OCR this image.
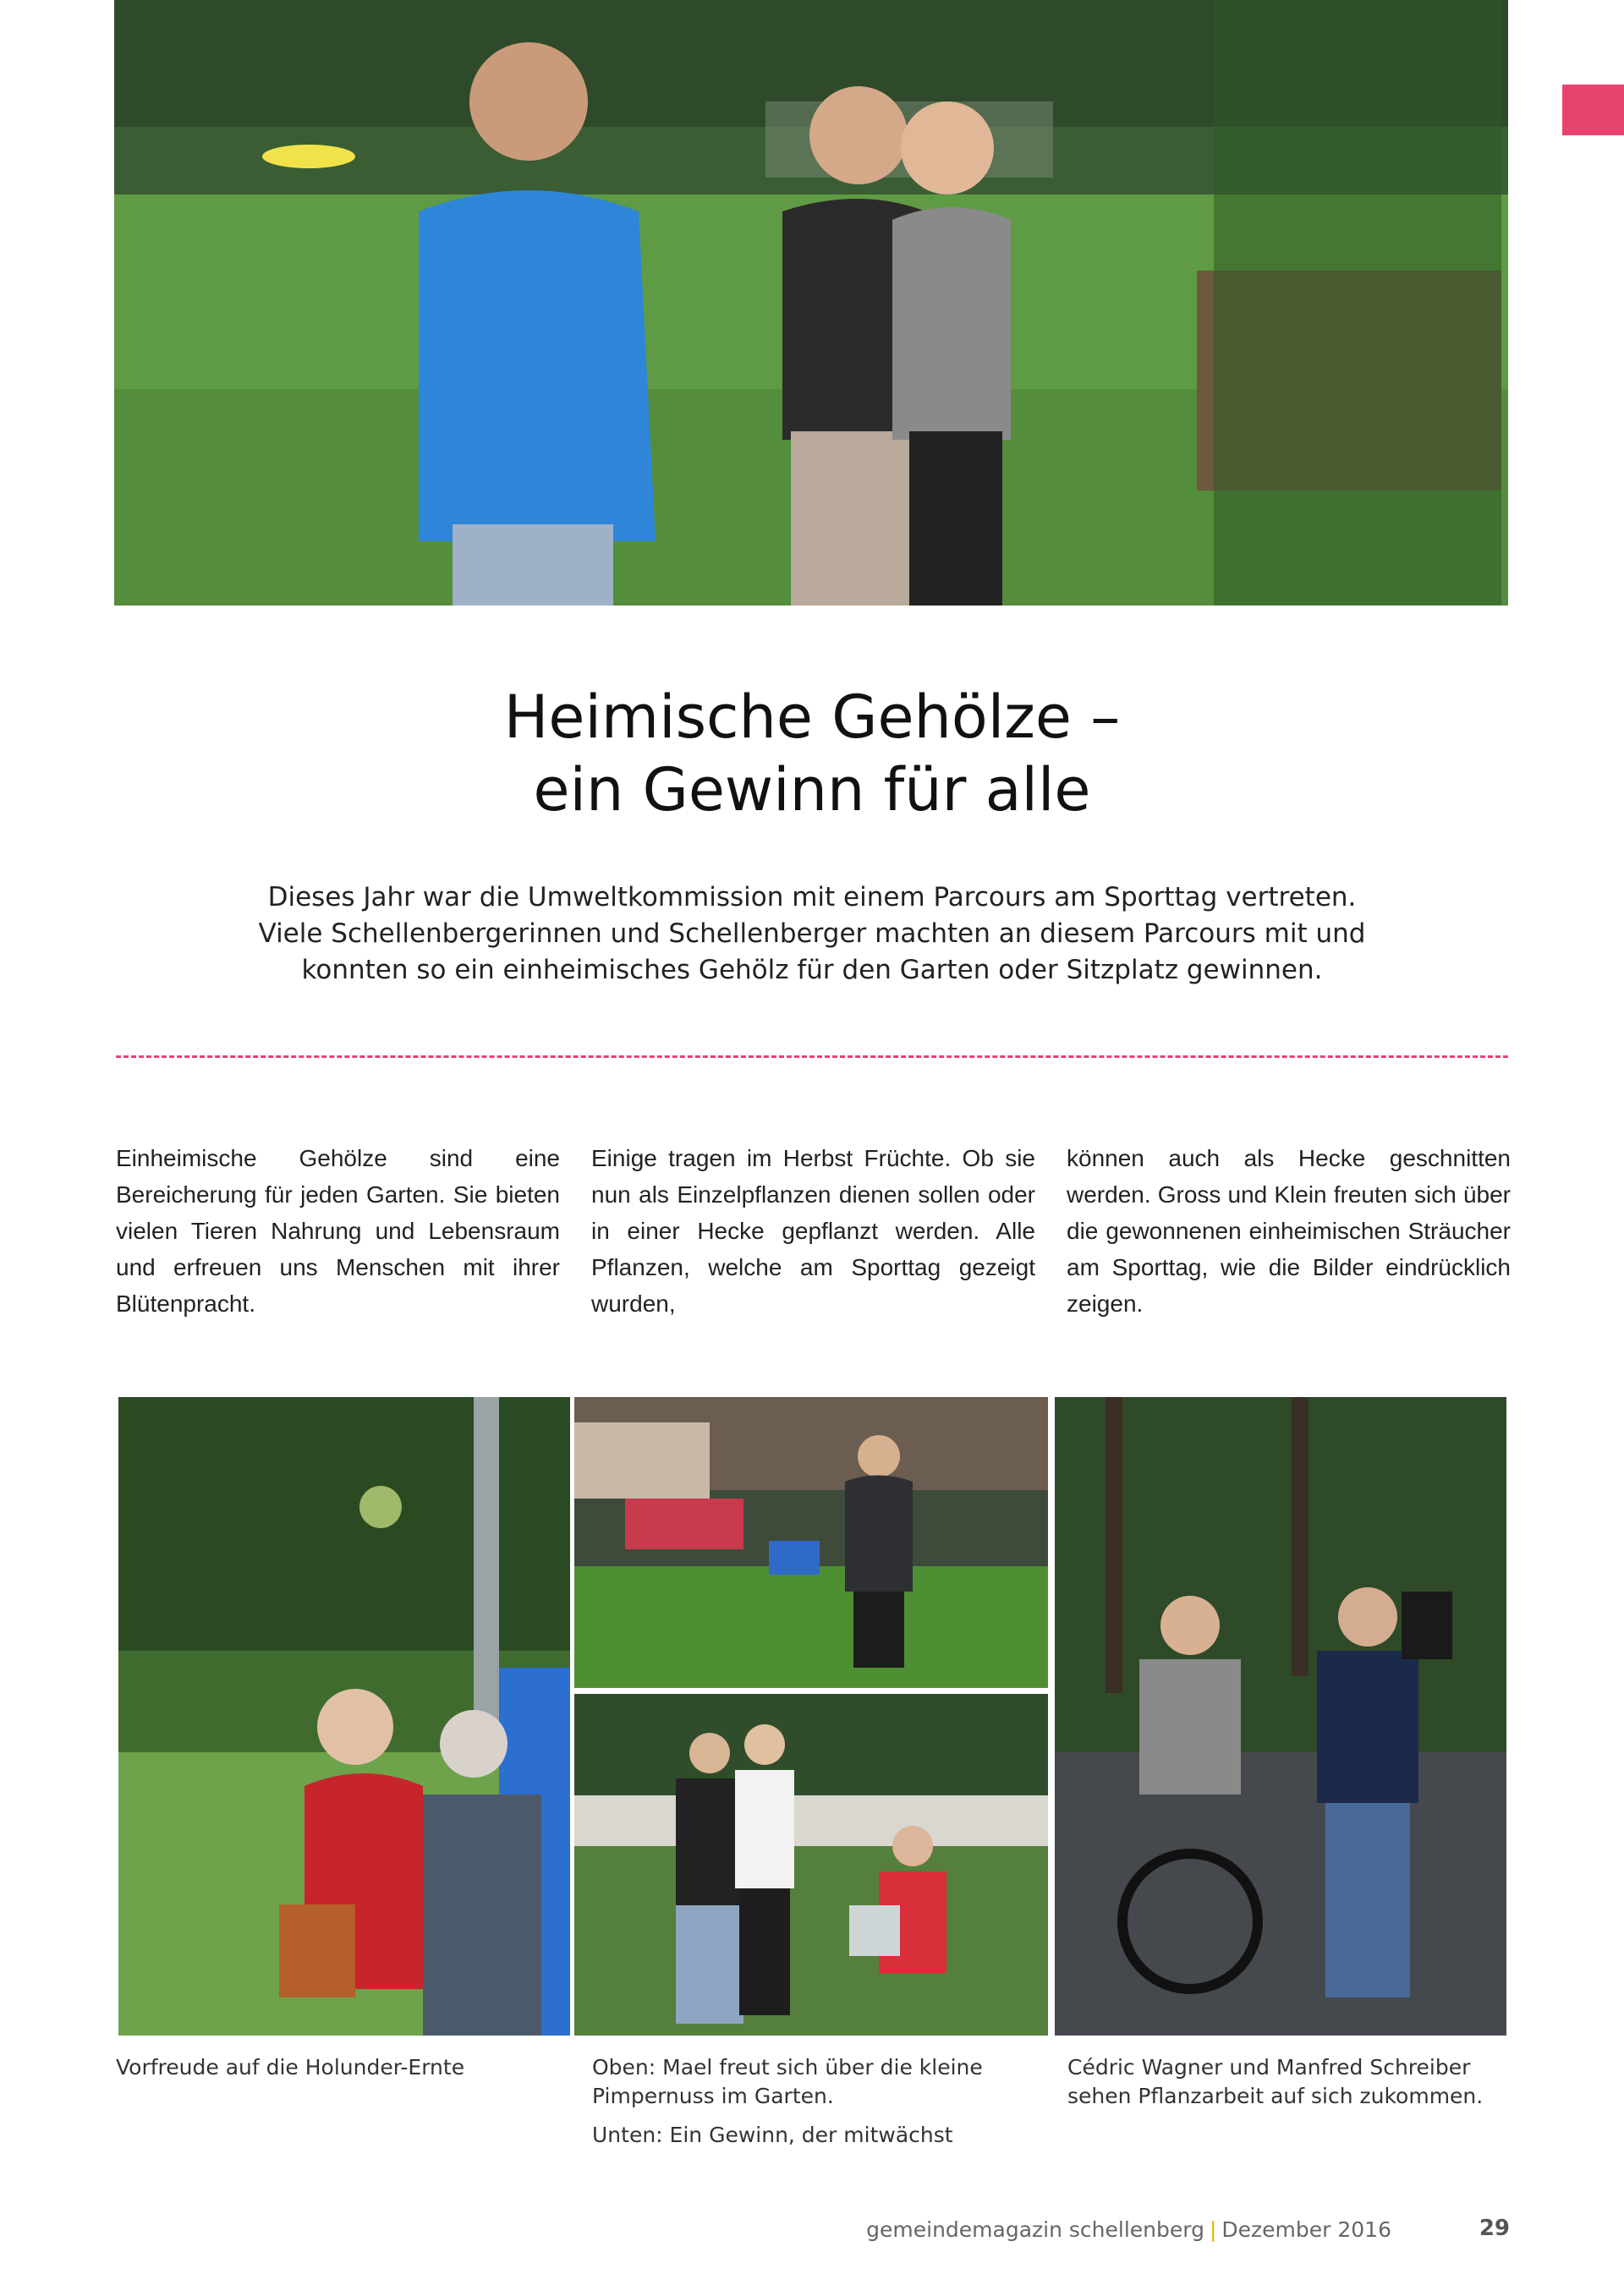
Heimische Gehölze –
ein Gewinn für alle

Dieses Jahr war die Umweltkommission mit einem Parcours am Sporttag vertreten. Viele Schellenbergerinnen und Schellenberger machten an diesem Parcours mit und konnten so ein einheimisches Gehölz für den Garten oder Sitzplatz gewinnen.

Einheimische Gehölze sind eine Bereicherung für jeden Garten. Sie bieten vielen Tieren Nahrung und Lebensraum und erfreuen uns Menschen mit ihrer Blütenpracht.

Einige tragen im Herbst Früchte. Ob sie nun als Einzelpflanzen dienen sollen oder in einer Hecke gepflanzt werden. Alle Pflanzen, welche am Sporttag gezeigt wurden,

können auch als Hecke geschnitten werden. Gross und Klein freuten sich über die gewonnenen einheimischen Sträucher am Sporttag, wie die Bilder eindrücklich zeigen.

Vorfreude auf die Holunder-Ernte	Oben: Mael freut sich über die kleine Pimpernuss im Garten.

Unten: Ein Gewinn, der mitwächst

Cédric Wagner und Manfred Schreiber sehen Pflanzarbeit auf sich zukommen.

gemeindemagazin schellenberg | Dezember 2016	29
